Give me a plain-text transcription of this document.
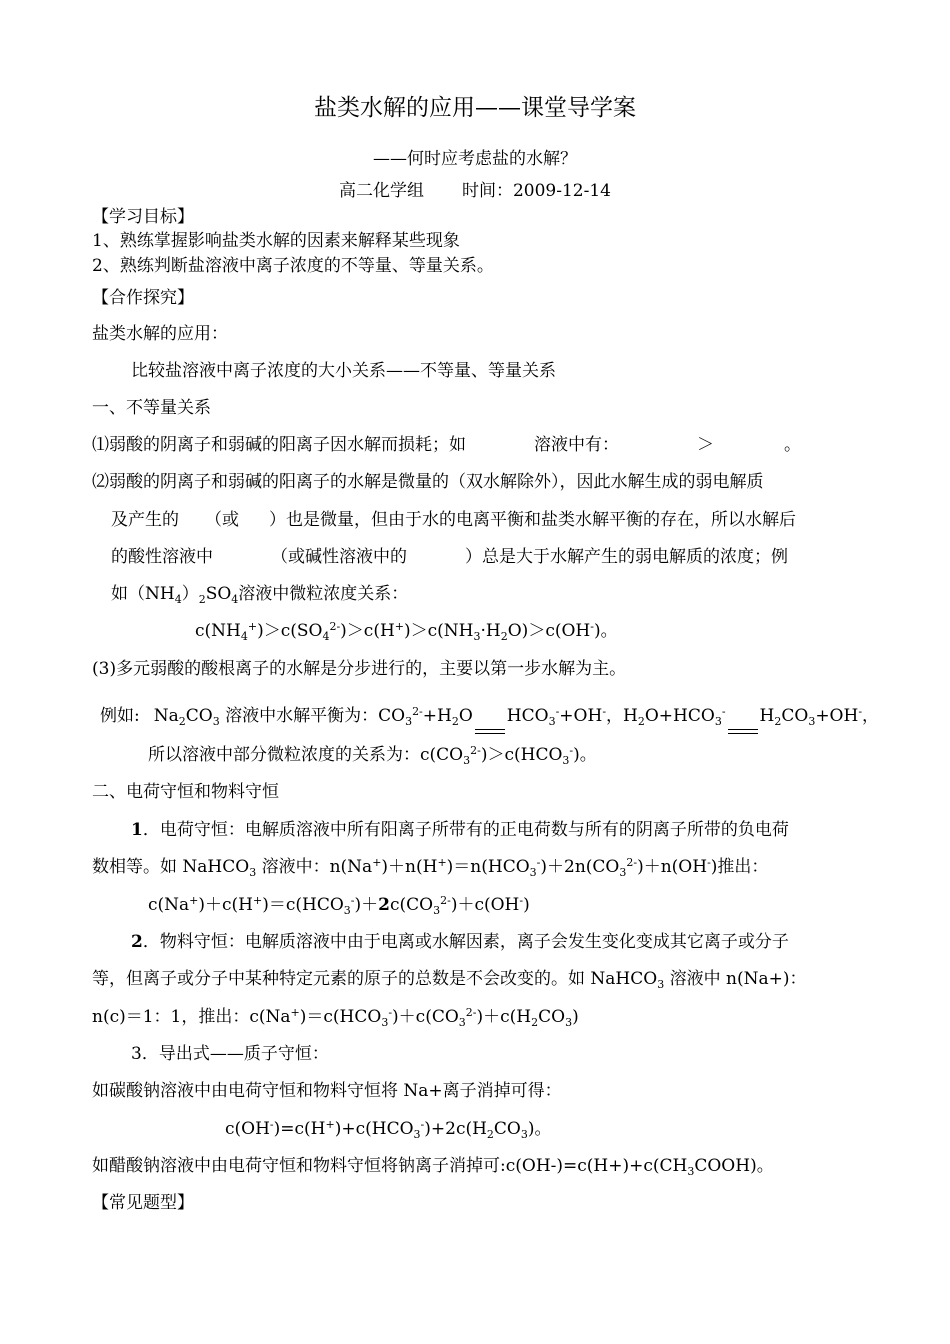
盐类水解的应用——课堂导学案
——何时应考虑盐的水解？
高二化学组 时间：2009-12-14
【学习目标】
1、熟练掌握影响盐类水解的因素来解释某些现象
2、熟练判断盐溶液中离子浓度的不等量、等量关系。
【合作探究】
盐类水解的应用：
比较盐溶液中离子浓度的大小关系——不等量、等量关系
一、不等量关系
⑴弱酸的阴离子和弱碱的阳离子因水解而损耗；如	溶液中有：	＞	。
⑵弱酸的阴离子和弱碱的阳离子的水解是微量的（双水解除外），因此水解生成的弱电解质
及产生的 （或 ）也是微量，但由于水的电离平衡和盐类水解平衡的存在，所以水解后
的酸性溶液中	（或碱性溶液中的	）总是大于水解产生的弱电解质的浓度；例
如$(NH_4)_2SO_4$溶液中微粒浓度关系：
$c(NH_4^+)>c(SO_4^{2-})>c(H^+)>c(NH_3\cdot H_2O)>c(OH^-)$。
(3)多元弱酸的酸根离子的水解是分步进行的，主要以第一步水解为主。
例如: $Na_2CO_3$ 溶液中水解平衡为：$CO_3^{2-}+H_2O$ $HCO_3^-+OH^-$，$H_2O+HCO_3^-$ $H_2CO_3+OH^-$，
所以溶液中部分微粒浓度的关系为：$c(CO_3^{2-})>c(HCO_3^-)$。
二、电荷守恒和物料守恒
1．电荷守恒：电解质溶液中所有阳离子所带有的正电荷数与所有的阴离子所带的负电荷
数相等。如 NaHCO$_3$ 溶液中：$n(Na^+)+n(H^+)=n(HCO_3^-)+2n(CO_3^{2-})+n(OH^-)$推出：
$c(Na^+)+c(H^+)=c(HCO_3^-)+2c(CO_3^{2-})+c(OH^-)$
2．物料守恒：电解质溶液中由于电离或水解因素，离子会发生变化变成其它离子或分子
等，但离子或分子中某种特定元素的原子的总数是不会改变的。如 NaHCO$_3$ 溶液中 n(Na+)：
n(c)＝1：1，推出：$c(Na^+)=c(HCO_3^-)+c(CO_3^{2-})+c(H_2CO_3)$
3．导出式——质子守恒：
如碳酸钠溶液中由电荷守恒和物料守恒将 Na+离子消掉可得：
$c(OH^-)=c(H^+)+c(HCO_3^-)+2c(H_2CO_3)$。
如醋酸钠溶液中由电荷守恒和物料守恒将钠离子消掉可$:c(OH-)=c(H+)+c(CH_3COOH)$。
【常见题型】
